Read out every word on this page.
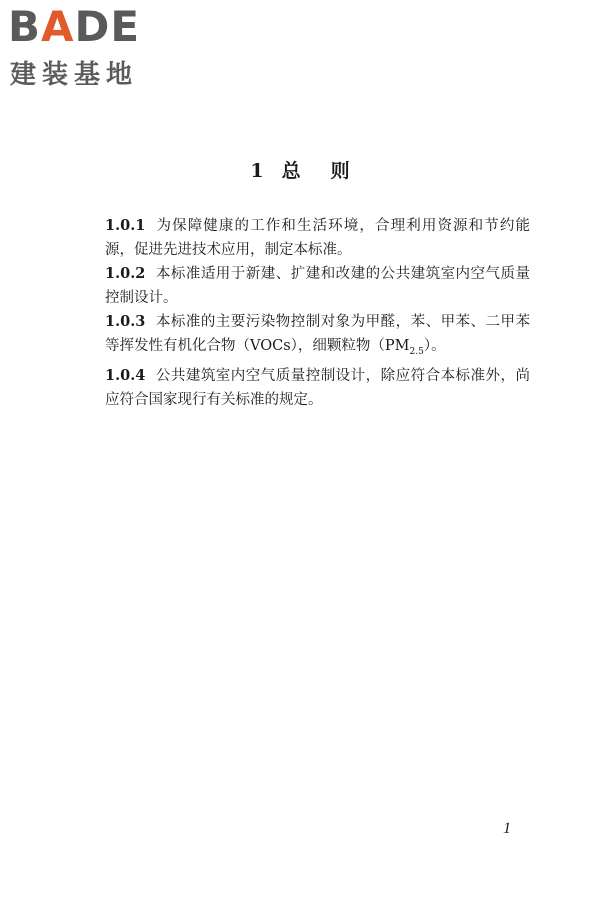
BADE
建装基地
1 总 则

1.0.1 为保障健康的工作和生活环境，合理利用资源和节约能源，促进先进技术应用，制定本标准。

1.0.2 本标准适用于新建、扩建和改建的公共建筑室内空气质量控制设计。

1.0.3 本标准的主要污染物控制对象为甲醛，苯、甲苯、二甲苯等挥发性有机化合物（VOCs），细颗粒物$(PM_{2.5})$。

1.0.4 公共建筑室内空气质量控制设计，除应符合本标准外，尚应符合国家现行有关标准的规定。

1
